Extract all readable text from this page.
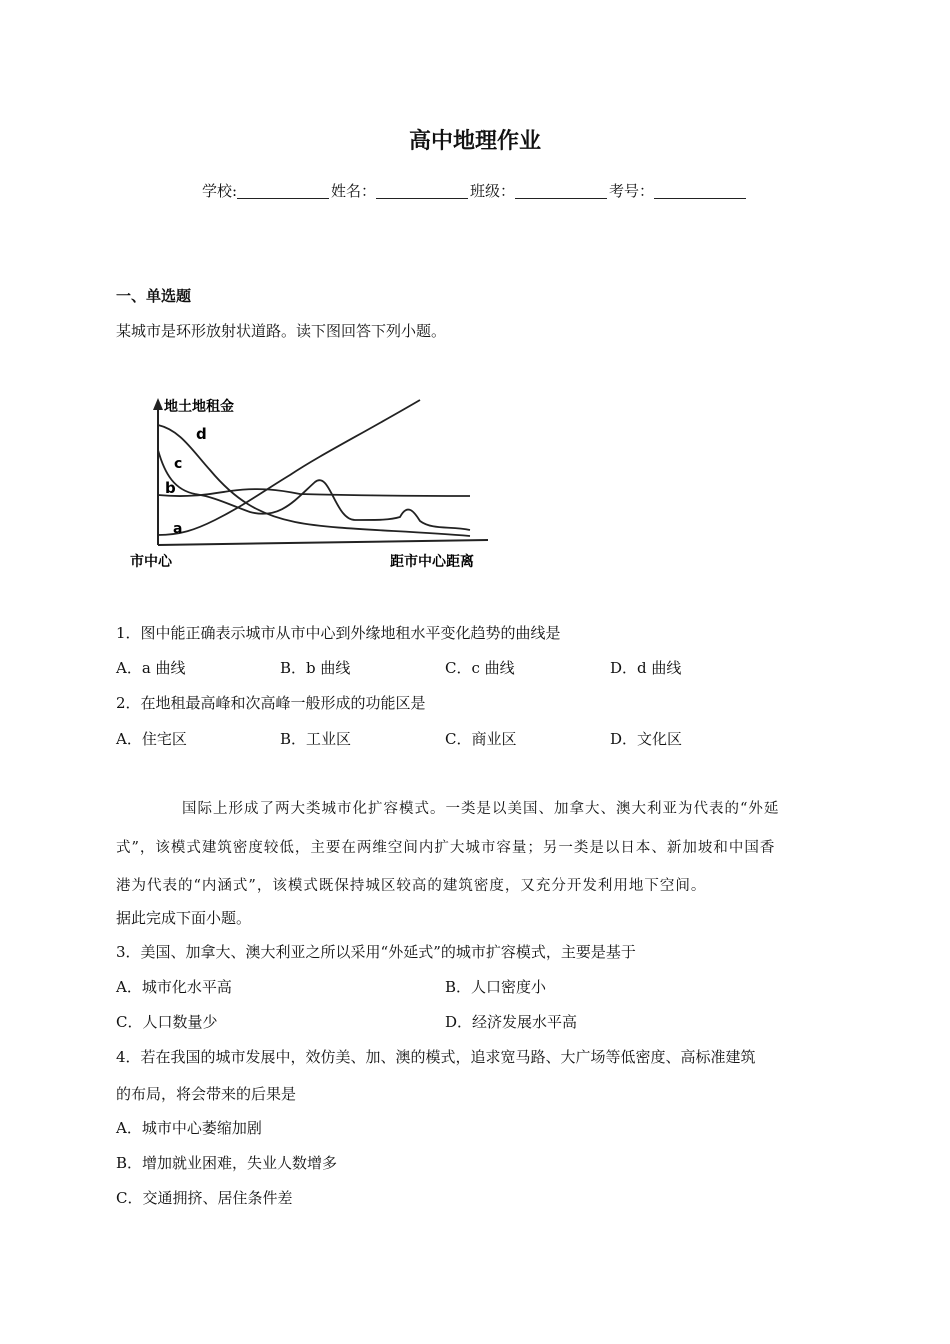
高中地理作业
学校:	姓名：	班级：	考号：
一、单选题
某城市是环形放射状道路。读下图回答下列小题。
地土地租金
d
c
b
a
市中心	距市中心距离
1．图中能正确表示城市从市中心到外缘地租水平变化趋势的曲线是
A．a 曲线	B．b 曲线	C．c 曲线	D．d 曲线
2．在地租最高峰和次高峰一般形成的功能区是
A．住宅区	B．工业区	C．商业区	D．文化区
国际上形成了两大类城市化扩容模式。一类是以美国、加拿大、澳大利亚为代表的“外延
式”，该模式建筑密度较低，主要在两维空间内扩大城市容量；另一类是以日本、新加坡和中国香
港为代表的“内涵式”，该模式既保持城区较高的建筑密度，又充分开发利用地下空间。
据此完成下面小题。
3．美国、加拿大、澳大利亚之所以采用“外延式”的城市扩容模式，主要是基于
A．城市化水平高	B．人口密度小
C．人口数量少	D．经济发展水平高
4．若在我国的城市发展中，效仿美、加、澳的模式，追求宽马路、大广场等低密度、高标准建筑
的布局，将会带来的后果是
A．城市中心萎缩加剧
B．增加就业困难，失业人数增多
C．交通拥挤、居住条件差
